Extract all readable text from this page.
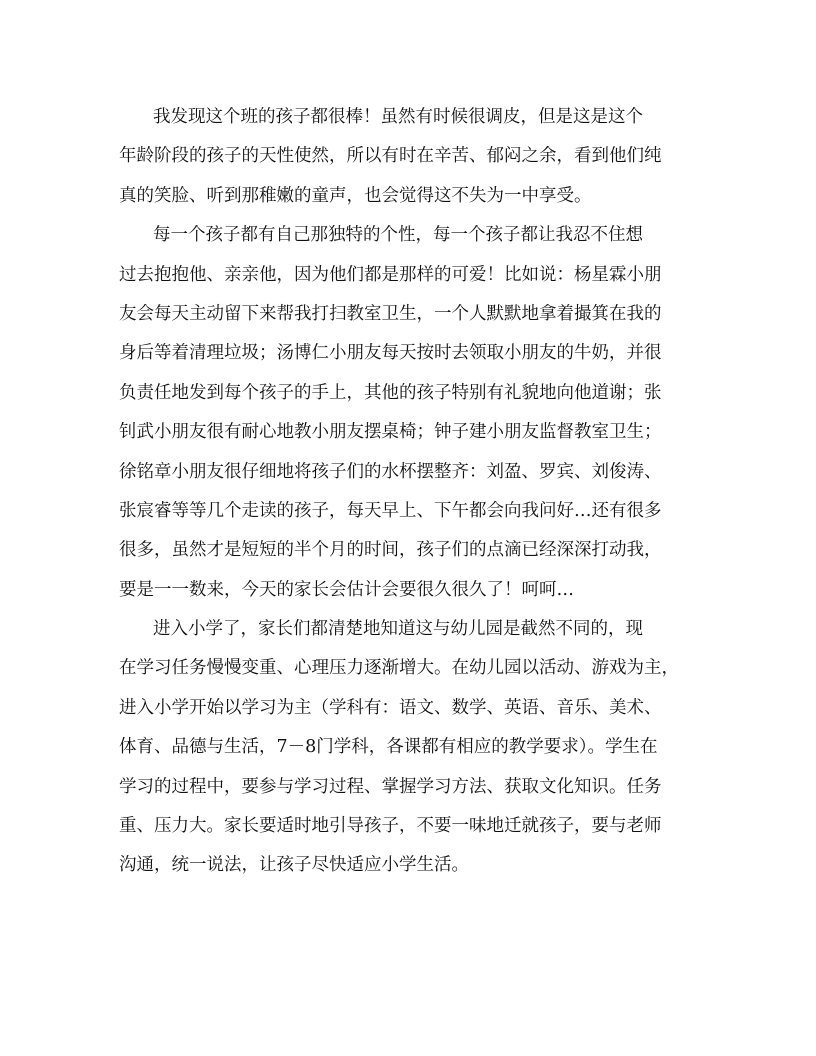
我发现这个班的孩子都很棒！虽然有时候很调皮，但是这是这个
年龄阶段的孩子的天性使然，所以有时在辛苦、郁闷之余，看到他们纯
真的笑脸、听到那稚嫩的童声，也会觉得这不失为一中享受。
每一个孩子都有自己那独特的个性，每一个孩子都让我忍不住想
过去抱抱他、亲亲他，因为他们都是那样的可爱！比如说：杨星霖小朋
友会每天主动留下来帮我打扫教室卫生，一个人默默地拿着撮箕在我的
身后等着清理垃圾；汤博仁小朋友每天按时去领取小朋友的牛奶，并很
负责任地发到每个孩子的手上，其他的孩子特别有礼貌地向他道谢；张
钊武小朋友很有耐心地教小朋友摆桌椅；钟子建小朋友监督教室卫生；
徐铭章小朋友很仔细地将孩子们的水杯摆整齐：刘盈、罗宾、刘俊涛、
张宸睿等等几个走读的孩子，每天早上、下午都会向我问好…还有很多
很多，虽然才是短短的半个月的时间，孩子们的点滴已经深深打动我，
要是一一数来，今天的家长会估计会要很久很久了！呵呵…
进入小学了，家长们都清楚地知道这与幼儿园是截然不同的，现
在学习任务慢慢变重、心理压力逐渐增大。在幼儿园以活动、游戏为主，
进入小学开始以学习为主（学科有：语文、数学、英语、音乐、美术、
体育、品德与生活，7－8门学科，各课都有相应的教学要求）。学生在
学习的过程中，要参与学习过程、掌握学习方法、获取文化知识。任务
重、压力大。家长要适时地引导孩子，不要一味地迁就孩子，要与老师
沟通，统一说法，让孩子尽快适应小学生活。
